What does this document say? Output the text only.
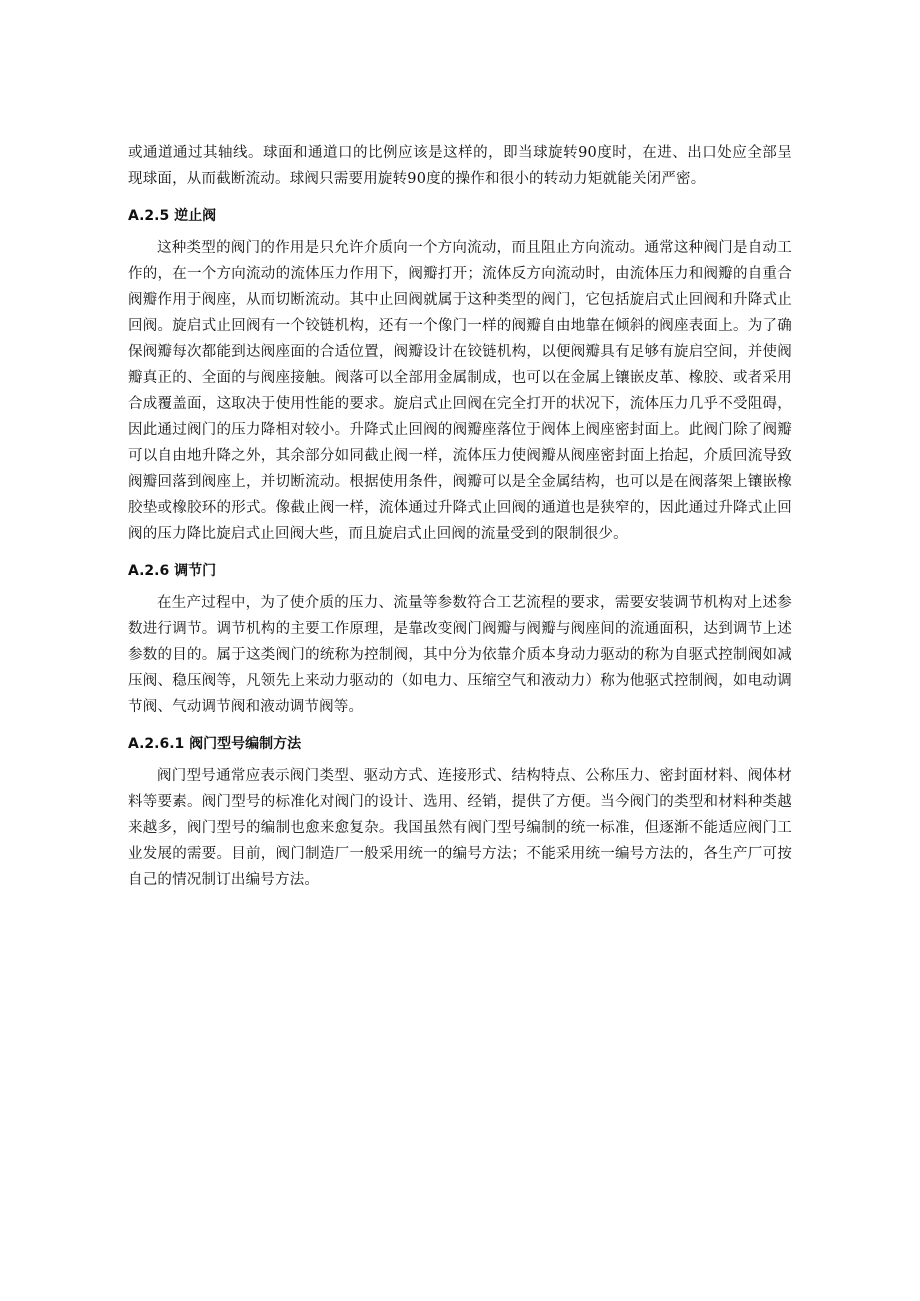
或通道通过其轴线。球面和通道口的比例应该是这样的，即当球旋转90度时，在进、出口处应全部呈现球面，从而截断流动。球阀只需要用旋转90度的操作和很小的转动力矩就能关闭严密。

A.2.5 逆止阀

这种类型的阀门的作用是只允许介质向一个方向流动，而且阻止方向流动。通常这种阀门是自动工作的，在一个方向流动的流体压力作用下，阀瓣打开；流体反方向流动时，由流体压力和阀瓣的自重合阀瓣作用于阀座，从而切断流动。其中止回阀就属于这种类型的阀门，它包括旋启式止回阀和升降式止回阀。旋启式止回阀有一个铰链机构，还有一个像门一样的阀瓣自由地靠在倾斜的阀座表面上。为了确保阀瓣每次都能到达阀座面的合适位置，阀瓣设计在铰链机构，以便阀瓣具有足够有旋启空间，并使阀瓣真正的、全面的与阀座接触。阀落可以全部用金属制成，也可以在金属上镶嵌皮革、橡胶、或者采用合成覆盖面，这取决于使用性能的要求。旋启式止回阀在完全打开的状况下，流体压力几乎不受阻碍，因此通过阀门的压力降相对较小。升降式止回阀的阀瓣座落位于阀体上阀座密封面上。此阀门除了阀瓣可以自由地升降之外，其余部分如同截止阀一样，流体压力使阀瓣从阀座密封面上抬起，介质回流导致阀瓣回落到阀座上，并切断流动。根据使用条件，阀瓣可以是全金属结构，也可以是在阀落架上镶嵌橡胶垫或橡胶环的形式。像截止阀一样，流体通过升降式止回阀的通道也是狭窄的，因此通过升降式止回阀的压力降比旋启式止回阀大些，而且旋启式止回阀的流量受到的限制很少。

A.2.6 调节门

在生产过程中，为了使介质的压力、流量等参数符合工艺流程的要求，需要安装调节机构对上述参数进行调节。调节机构的主要工作原理，是靠改变阀门阀瓣与阀瓣与阀座间的流通面积，达到调节上述参数的目的。属于这类阀门的统称为控制阀，其中分为依靠介质本身动力驱动的称为自驱式控制阀如减压阀、稳压阀等，凡领先上来动力驱动的（如电力、压缩空气和液动力）称为他驱式控制阀，如电动调节阀、气动调节阀和液动调节阀等。

A.2.6.1 阀门型号编制方法

阀门型号通常应表示阀门类型、驱动方式、连接形式、结构特点、公称压力、密封面材料、阀体材料等要素。阀门型号的标准化对阀门的设计、选用、经销，提供了方便。当今阀门的类型和材料种类越来越多，阀门型号的编制也愈来愈复杂。我国虽然有阀门型号编制的统一标准，但逐渐不能适应阀门工业发展的需要。目前，阀门制造厂一般采用统一的编号方法；不能采用统一编号方法的，各生产厂可按自己的情况制订出编号方法。
